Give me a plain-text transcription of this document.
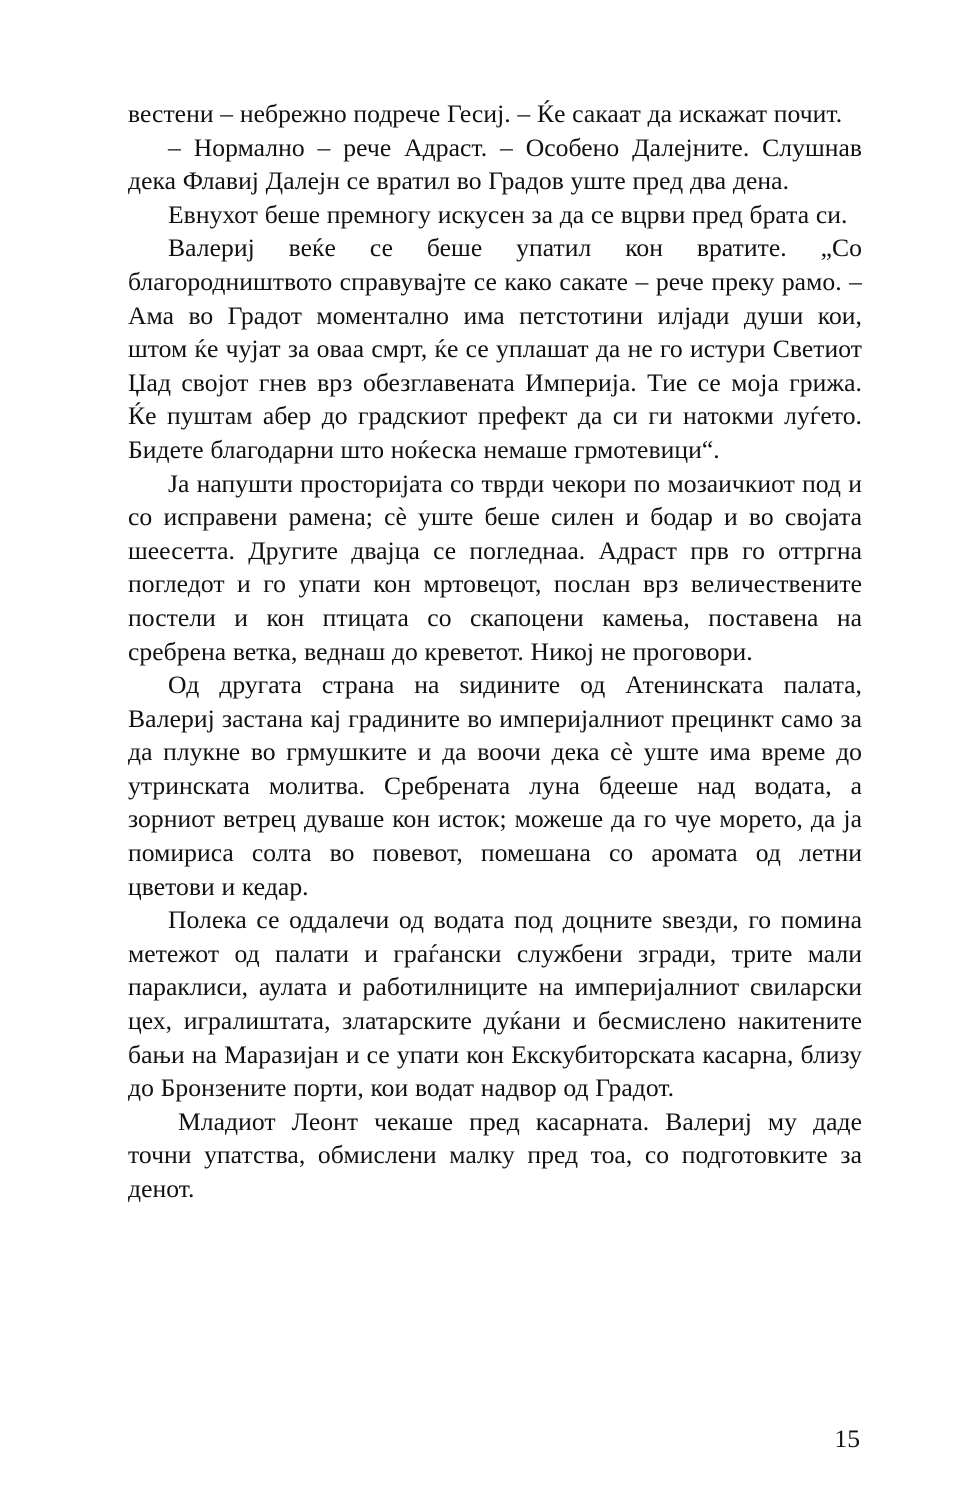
вестени – небрежно подрече Гесиј. – Ќе сакаат да искажат почит.

– Нормално – рече Адраст. – Особено Далејните. Слушнав дека Флавиј Далејн се вратил во Градов уште пред два дена.

Евнухот беше премногу искусен за да се вцрви пред брата си.

Валериј веќе се беше упатил кон вратите. „Со благородништвото справувајте се како сакате – рече преку рамо. – Ама во Градот моментално има петстотини илјади души кои, штом ќе чујат за оваа смрт, ќе се уплашат да не го истури Светиот Џад својот гнев врз обезглавената Империја. Тие се моја грижа. Ќе пуштам абер до градскиот префект да си ги натокми луѓето. Бидете благодарни што ноќеска немаше грмотевици“.

Ја напушти просторијата со тврди чекори по мозаичкиот под и со исправени рамена; сè уште беше силен и бодар и во својата шеесетта. Другите двајца се погледнаа. Адраст прв го оттргна погледот и го упати кон мртовецот, послан врз величествените постели и кон птицата со скапоцени камења, поставена на сребрена ветка, веднаш до креветот. Никој не проговори.

Од другата страна на ѕидините од Атенинската палата, Валериј застана кај градините во империјалниот прецинкт само за да плукне во грмушките и да воочи дека сè уште има време до утринската молитва. Сребрената луна бдееше над водата, а зорниот ветрец дуваше кон исток; можеше да го чуе морето, да ја помириса солта во повевот, помешана со аромата од летни цветови и кедар.

Полека се оддалечи од водата под доцните ѕвезди, го помина метежот од палати и граѓански службени згради, трите мали параклиси, аулата и работилниците на империјалниот свиларски цех, игралиштата, златарските дуќани и бесмислено накитените бањи на Маразијан и се упати кон Екскубиторската касарна, близу до Бронзените порти, кои водат надвор од Градот.

Младиот Леонт чекаше пред касарната. Валериј му даде точни упатства, обмислени малку пред тоа, со подготовките за денот.

15
